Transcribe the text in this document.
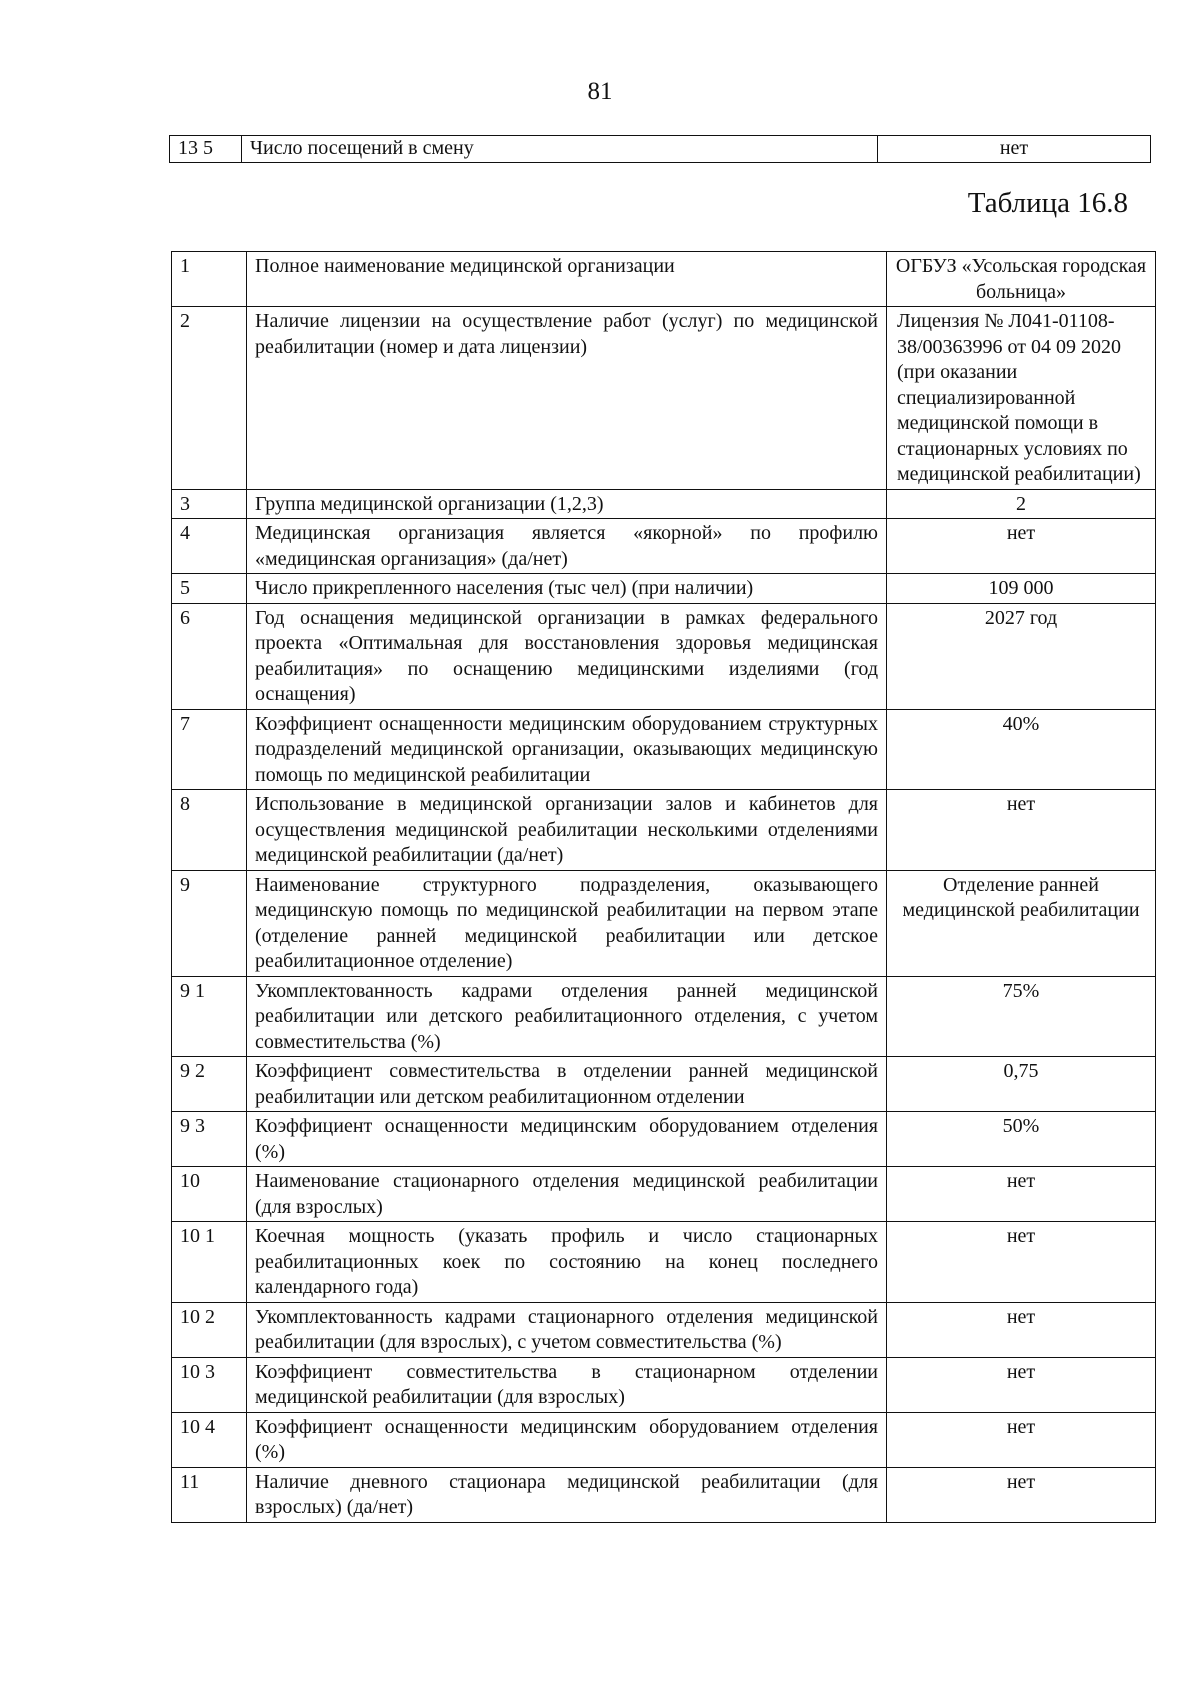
81
13 5	Число посещений в смену	нет
Таблица 16.8
1	Полное наименование медицинской организации	ОГБУЗ «Усольская городская больница»
2	Наличие лицензии на осуществление работ (услуг) по медицинской реабилитации (номер и дата лицензии)	Лицензия № Л041-01108-38/00363996 от 04 09 2020 (при оказании специализированной медицинской помощи в стационарных условиях по медицинской реабилитации)
3	Группа медицинской организации (1,2,3)	2
4	Медицинская организация является «якорной» по профилю «медицинская организация» (да/нет)	нет
5	Число прикрепленного населения (тыс чел) (при наличии)	109 000
6	Год оснащения медицинской организации в рамках федерального проекта «Оптимальная для восстановления здоровья медицинская реабилитация» по оснащению медицинскими изделиями (год оснащения)	2027 год
7	Коэффициент оснащенности медицинским оборудованием структурных подразделений медицинской организации, оказывающих медицинскую помощь по медицинской реабилитации	40%
8	Использование в медицинской организации залов и кабинетов для осуществления медицинской реабилитации несколькими отделениями медицинской реабилитации (да/нет)	нет
9	Наименование структурного подразделения, оказывающего медицинскую помощь по медицинской реабилитации на первом этапе (отделение ранней медицинской реабилитации или детское реабилитационное отделение)	Отделение ранней медицинской реабилитации
9 1	Укомплектованность кадрами отделения ранней медицинской реабилитации или детского реабилитационного отделения, с учетом совместительства (%)	75%
9 2	Коэффициент совместительства в отделении ранней медицинской реабилитации или детском реабилитационном отделении	0,75
9 3	Коэффициент оснащенности медицинским оборудованием отделения (%)	50%
10	Наименование стационарного отделения медицинской реабилитации (для взрослых)	нет
10 1	Коечная мощность (указать профиль и число стационарных реабилитационных коек по состоянию на конец последнего календарного года)	нет
10 2	Укомплектованность кадрами стационарного отделения медицинской реабилитации (для взрослых), с учетом совместительства (%)	нет
10 3	Коэффициент совместительства в стационарном отделении медицинской реабилитации (для взрослых)	нет
10 4	Коэффициент оснащенности медицинским оборудованием отделения (%)	нет
11	Наличие дневного стационара медицинской реабилитации (для взрослых) (да/нет)	нет
